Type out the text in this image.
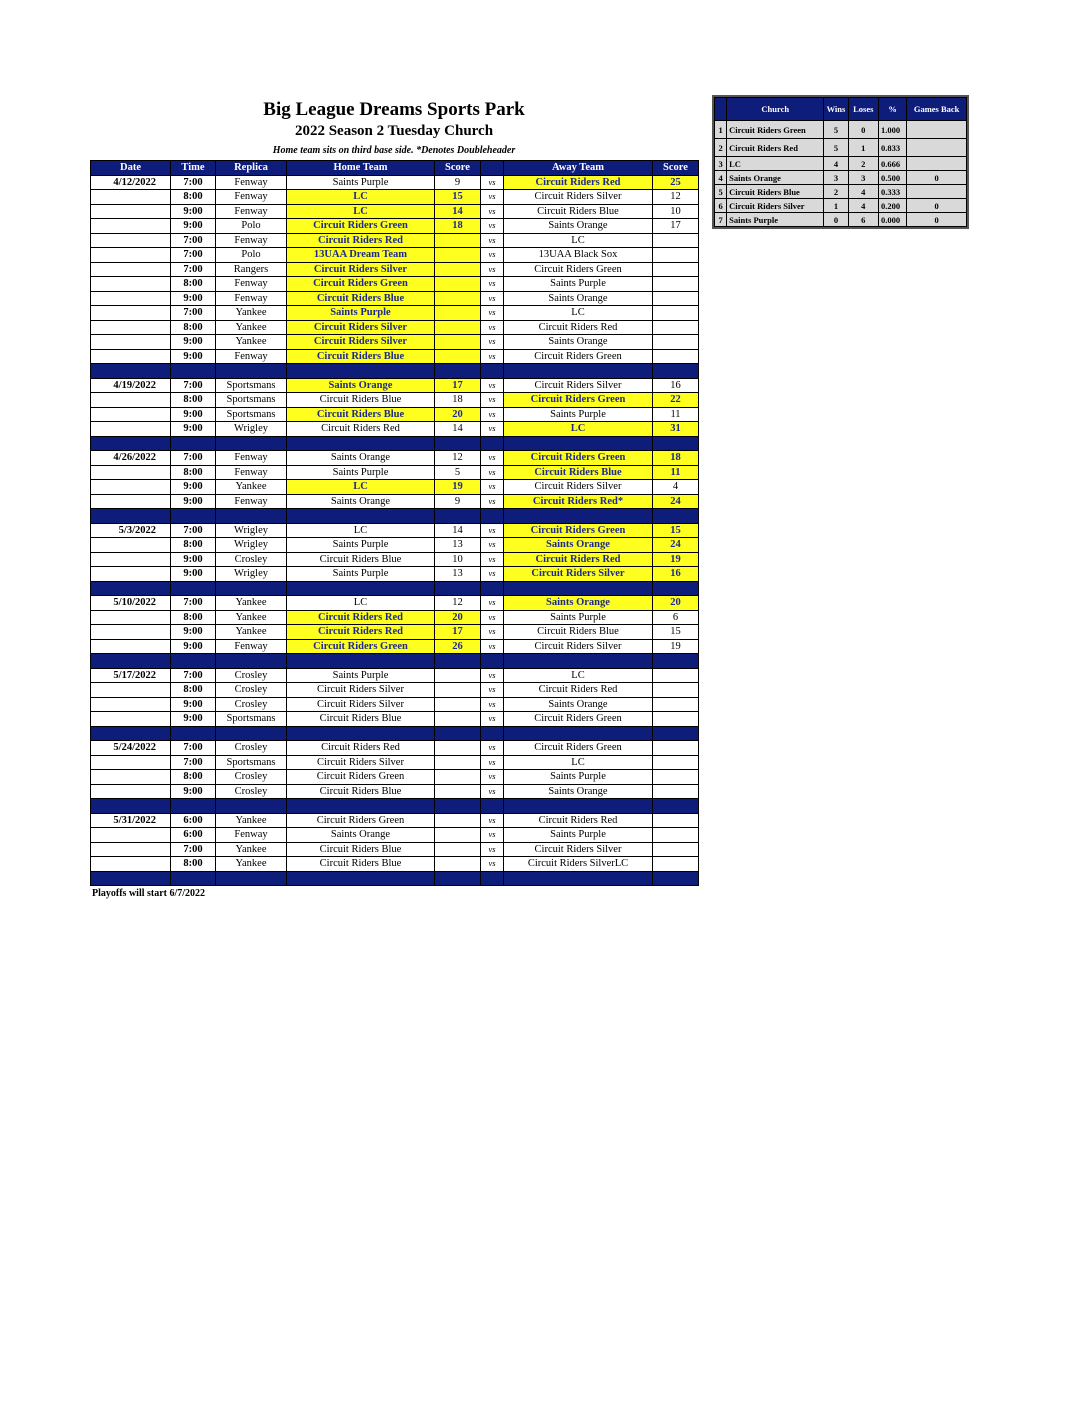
Big League Dreams Sports Park
2022 Season 2 Tuesday Church
Home team sits on third base side. *Denotes Doubleheader
Date	Time	Replica	Home Team	Score		Away Team	Score
4/12/2022	7:00	Fenway	Saints Purple	9	vs	Circuit Riders Red	25
	8:00	Fenway	LC	15	vs	Circuit Riders Silver	12
	9:00	Fenway	LC	14	vs	Circuit Riders Blue	10
	9:00	Polo	Circuit Riders Green	18	vs	Saints Orange	17
	7:00	Fenway	Circuit Riders Red		vs	LC	
	7:00	Polo	13UAA Dream Team		vs	13UAA Black Sox	
	7:00	Rangers	Circuit Riders Silver		vs	Circuit Riders Green	
	8:00	Fenway	Circuit Riders Green		vs	Saints Purple	
	9:00	Fenway	Circuit Riders Blue		vs	Saints Orange	
	7:00	Yankee	Saints Purple		vs	LC	
	8:00	Yankee	Circuit Riders Silver		vs	Circuit Riders Red	
	9:00	Yankee	Circuit Riders Silver		vs	Saints Orange	
	9:00	Fenway	Circuit Riders Blue		vs	Circuit Riders Green	

4/19/2022	7:00	Sportsmans	Saints Orange	17	vs	Circuit Riders Silver	16
	8:00	Sportsmans	Circuit Riders Blue	18	vs	Circuit Riders Green	22
	9:00	Sportsmans	Circuit Riders Blue	20	vs	Saints Purple	11
	9:00	Wrigley	Circuit Riders Red	14	vs	LC	31

4/26/2022	7:00	Fenway	Saints Orange	12	vs	Circuit Riders Green	18
	8:00	Fenway	Saints Purple	5	vs	Circuit Riders Blue	11
	9:00	Yankee	LC	19	vs	Circuit Riders Silver	4
	9:00	Fenway	Saints Orange	9	vs	Circuit Riders Red*	24

5/3/2022	7:00	Wrigley	LC	14	vs	Circuit Riders Green	15
	8:00	Wrigley	Saints Purple	13	vs	Saints Orange	24
	9:00	Crosley	Circuit Riders Blue	10	vs	Circuit Riders Red	19
	9:00	Wrigley	Saints Purple	13	vs	Circuit Riders Silver	16

5/10/2022	7:00	Yankee	LC	12	vs	Saints Orange	20
	8:00	Yankee	Circuit Riders Red	20	vs	Saints Purple	6
	9:00	Yankee	Circuit Riders Red	17	vs	Circuit Riders Blue	15
	9:00	Fenway	Circuit Riders Green	26	vs	Circuit Riders Silver	19

5/17/2022	7:00	Crosley	Saints Purple		vs	LC	
	8:00	Crosley	Circuit Riders Silver		vs	Circuit Riders Red	
	9:00	Crosley	Circuit Riders Silver		vs	Saints Orange	
	9:00	Sportsmans	Circuit Riders Blue		vs	Circuit Riders Green	

5/24/2022	7:00	Crosley	Circuit Riders Red		vs	Circuit Riders Green	
	7:00	Sportsmans	Circuit Riders Silver		vs	LC	
	8:00	Crosley	Circuit Riders Green		vs	Saints Purple	
	9:00	Crosley	Circuit Riders Blue		vs	Saints Orange	

5/31/2022	6:00	Yankee	Circuit Riders Green		vs	Circuit Riders Red	
	6:00	Fenway	Saints Orange		vs	Saints Purple	
	7:00	Yankee	Circuit Riders Blue		vs	Circuit Riders Silver	
	8:00	Yankee	Circuit Riders Blue		vs	Circuit Riders SilverLC	

Playoffs will start 6/7/2022
	Church	Wins	Loses	%	Games Back
1	Circuit Riders Green	5	0	1.000	
2	Circuit Riders Red	5	1	0.833	
3	LC	4	2	0.666	
4	Saints Orange	3	3	0.500	0
5	Circuit Riders Blue	2	4	0.333	
6	Circuit Riders Silver	1	4	0.200	0
7	Saints Purple	0	6	0.000	0
